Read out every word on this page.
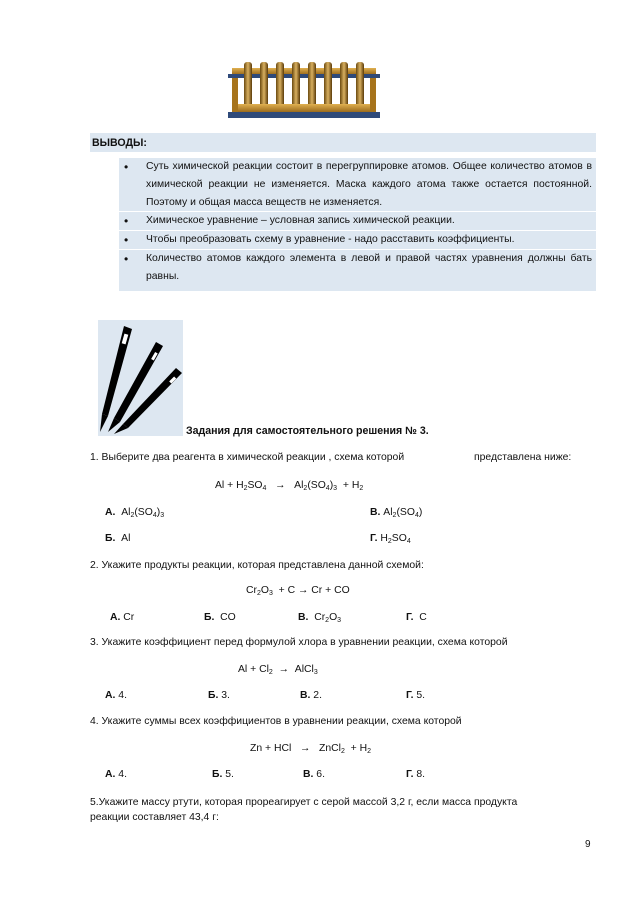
ВЫВОДЫ:
• Суть химической реакции состоит в перегруппировке атомов. Общее количество атомов в химической реакции не изменяется. Маска каждого атома также остается постоянной. Поэтому и общая масса веществ не изменяется.
• Химическое уравнение – условная запись химической реакции.
• Чтобы преобразовать схему в уравнение - надо расставить коэффициенты.
• Количество атомов каждого элемента в левой и правой частях уравнения должны бать равны.
Задания для самостоятельного решения № 3.
1. Выберите два реагента в химической реакции , схема которой	представлена ниже:
$Al + H_2SO_4 \to Al_2(SO_4)_3 + H_2$
А. $Al_2(SO_4)_3$	В. $Al_2(SO_4)$
Б. Al	Г. $H_2SO_4$
2. Укажите продукты реакции, которая представлена данной схемой:
$Cr_2O_3 + C \to Cr$ + CO
А. Cr	Б. CO	В. $Cr_2O_3$	Г. C
3. Укажите коэффициент перед формулой хлора в уравнении реакции, схема которой
$Al + Cl_2$ → AlCl$_3$
А. 4.	Б. 3.	В. 2.	Г. 5.
4. Укажите суммы всех коэффициентов в уравнении реакции, схема которой
Zn + HCl → ZnCl$_2$ + $H_2$
А. 4.	Б. 5.	В. 6.	Г. 8.
5.Укажите массу ртути, которая прореагирует с серой массой 3,2 г, если масса продукта
реакции составляет 43,4 г:
9
